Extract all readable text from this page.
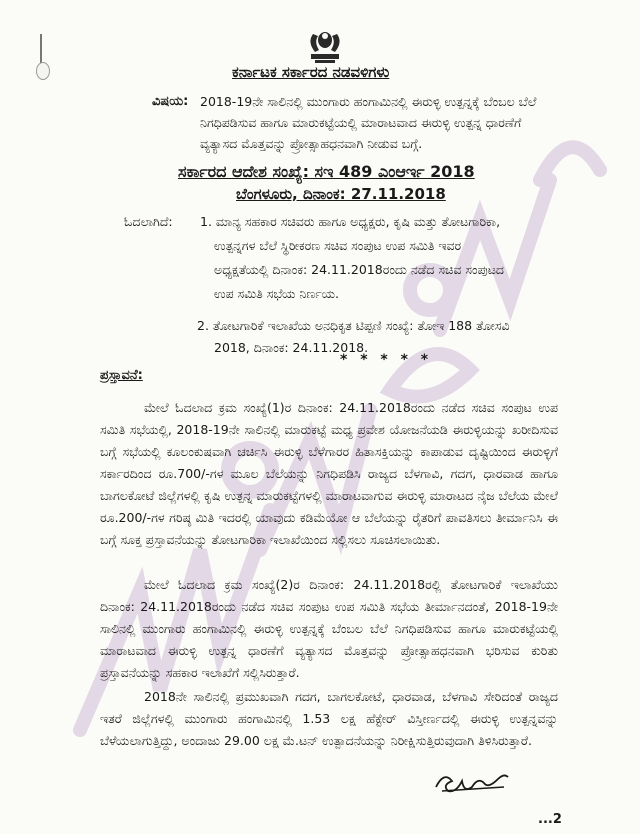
ಕರ್ನಾಟಕ ಸರ್ಕಾರದ ನಡವಳಿಗಳು
ವಿಷಯ: 2018-19ನೇ ಸಾಲಿನಲ್ಲಿ ಮುಂಗಾರು ಹಂಗಾಮಿನಲ್ಲಿ ಈರುಳ್ಳಿ ಉತ್ಪನ್ನಕ್ಕೆ ಬೆಂಬಲ ಬೆಲೆ
ನಿಗಧಿಪಡಿಸುವ ಹಾಗೂ ಮಾರುಕಟ್ಟೆಯಲ್ಲಿ ಮಾರಾಟವಾದ ಈರುಳ್ಳಿ ಉತ್ಪನ್ನ ಧಾರಣೆಗೆ
ವ್ಯತ್ಯಾಸದ ಮೊತ್ತವನ್ನು ಪ್ರೋತ್ಸಾಹಧನವಾಗಿ ನೀಡುವ ಬಗ್ಗೆ.
ಸರ್ಕಾರದ ಆದೇಶ ಸಂಖ್ಯೆ: ಸಇ 489 ಎಂಆರ್ಇ 2018
ಬೆಂಗಳೂರು, ದಿನಾಂಕ: 27.11.2018
ಓದಲಾಗಿದೆ: 1. ಮಾನ್ಯ ಸಹಕಾರ ಸಚಿವರು ಹಾಗೂ ಅಧ್ಯಕ್ಷರು, ಕೃಷಿ ಮತ್ತು ತೋಟಗಾರಿಕಾ,
ಉತ್ಪನ್ನಗಳ ಬೆಲೆ ಸ್ಥಿರೀಕರಣ ಸಚಿವ ಸಂಪುಟ ಉಪ ಸಮಿತಿ ಇವರ
ಅಧ್ಯಕ್ಷತೆಯಲ್ಲಿ ದಿನಾಂಕ: 24.11.2018ರಂದು ನಡೆದ ಸಚಿವ ಸಂಪುಟದ
ಉಪ ಸಮಿತಿ ಸಭೆಯ ನಿರ್ಣಯ.
2. ತೋಟಗಾರಿಕೆ ಇಲಾಖೆಯ ಅನಧಿಕೃತ ಟಿಪ್ಪಣಿ ಸಂಖ್ಯೆ: ತೋಇ 188 ತೋಸವಿ
2018, ದಿನಾಂಕ: 24.11.2018.
* * * * *
ಪ್ರಸ್ತಾವನೆ:

ಮೇಲೆ ಓದಲಾದ ಕ್ರಮ ಸಂಖ್ಯೆ(1)ರ ದಿನಾಂಕ: 24.11.2018ರಂದು ನಡೆದ ಸಚಿವ ಸಂಪುಟ ಉಪ ಸಮಿತಿ ಸಭೆಯಲ್ಲಿ, 2018-19ನೇ ಸಾಲಿನಲ್ಲಿ ಮಾರುಕಟ್ಟೆ ಮಧ್ಯ ಪ್ರವೇಶ ಯೋಜನೆಯಡಿ ಈರುಳ್ಳಿಯನ್ನು ಖರೀದಿಸುವ ಬಗ್ಗೆ ಸಭೆಯಲ್ಲಿ ಕೂಲಂಕುಷವಾಗಿ ಚರ್ಚಿಸಿ ಈರುಳ್ಳಿ ಬೆಳೆಗಾರರ ಹಿತಾಸಕ್ತಿಯನ್ನು ಕಾಪಾಡುವ ದೃಷ್ಟಿಯಿಂದ ಈರುಳ್ಳಿಗೆ ಸರ್ಕಾರದಿಂದ ರೂ.700/-ಗಳ ಮೂಲ ಬೆಲೆಯನ್ನು ನಿಗಧಿಪಡಿಸಿ ರಾಜ್ಯದ ಬೆಳಗಾವಿ, ಗದಗ, ಧಾರವಾಡ ಹಾಗೂ ಬಾಗಲಕೋಟೆ ಜಿಲ್ಲೆಗಳಲ್ಲಿ ಕೃಷಿ ಉತ್ಪನ್ನ ಮಾರುಕಟ್ಟೆಗಳಲ್ಲಿ ಮಾರಾಟವಾಗುವ ಈರುಳ್ಳಿ ಮಾರಾಟದ ನೈಜ ಬೆಲೆಯ ಮೇಲೆ ರೂ.200/-ಗಳ ಗರಿಷ್ಠ ಮಿತಿ ಇದರಲ್ಲಿ ಯಾವುದು ಕಡಿಮೆಯೋ ಆ ಬೆಲೆಯನ್ನು ರೈತರಿಗೆ ಪಾವತಿಸಲು ತೀರ್ಮಾನಿಸಿ ಈ ಬಗ್ಗೆ ಸೂಕ್ತ ಪ್ರಸ್ತಾವನೆಯನ್ನು ತೋಟಗಾರಿಕಾ ಇಲಾಖೆಯಿಂದ ಸಲ್ಲಿಸಲು ಸೂಚಿಸಲಾಯಿತು.

ಮೇಲೆ ಓದಲಾದ ಕ್ರಮ ಸಂಖ್ಯೆ(2)ರ ದಿನಾಂಕ: 24.11.2018ರಲ್ಲಿ ತೋಟಗಾರಿಕೆ ಇಲಾಖೆಯು ದಿನಾಂಕ: 24.11.2018ರಂದು ನಡೆದ ಸಚಿವ ಸಂಪುಟ ಉಪ ಸಮಿತಿ ಸಭೆಯ ತೀರ್ಮಾನದಂತೆ, 2018-19ನೇ ಸಾಲಿನಲ್ಲಿ ಮುಂಗಾರು ಹಂಗಾಮಿನಲ್ಲಿ ಈರುಳ್ಳಿ ಉತ್ಪನ್ನಕ್ಕೆ ಬೆಂಬಲ ಬೆಲೆ ನಿಗಧಿಪಡಿಸುವ ಹಾಗೂ ಮಾರುಕಟ್ಟೆಯಲ್ಲಿ ಮಾರಾಟವಾದ ಈರುಳ್ಳಿ ಉತ್ಪನ್ನ ಧಾರಣೆಗೆ ವ್ಯತ್ಯಾಸದ ಮೊತ್ತವನ್ನು ಪ್ರೋತ್ಸಾಹಧನವಾಗಿ ಭರಿಸುವ ಕುರಿತು ಪ್ರಸ್ತಾವನೆಯನ್ನು ಸಹಕಾರ ಇಲಾಖೆಗೆ ಸಲ್ಲಿಸಿರುತ್ತಾರೆ.

2018ನೇ ಸಾಲಿನಲ್ಲಿ ಪ್ರಮುಖವಾಗಿ ಗದಗ, ಬಾಗಲಕೋಟೆ, ಧಾರವಾಡ, ಬೆಳಗಾವಿ ಸೇರಿದಂತೆ ರಾಜ್ಯದ ಇತರೆ ಜಿಲ್ಲೆಗಳಲ್ಲಿ ಮುಂಗಾರು ಹಂಗಾಮಿನಲ್ಲಿ 1.53 ಲಕ್ಷ ಹೆಕ್ಟೇರ್ ವಿಸ್ತೀರ್ಣದಲ್ಲಿ ಈರುಳ್ಳಿ ಉತ್ಪನ್ನವನ್ನು ಬೆಳೆಯಲಾಗುತ್ತಿದ್ದು, ಅಂದಾಜು 29.00 ಲಕ್ಷ ಮೆ.ಟನ್ ಉತ್ಪಾದನೆಯನ್ನು ನಿರೀಕ್ಷಿಸುತ್ತಿರುವುದಾಗಿ ತಿಳಿಸಿರುತ್ತಾರೆ.

...2
